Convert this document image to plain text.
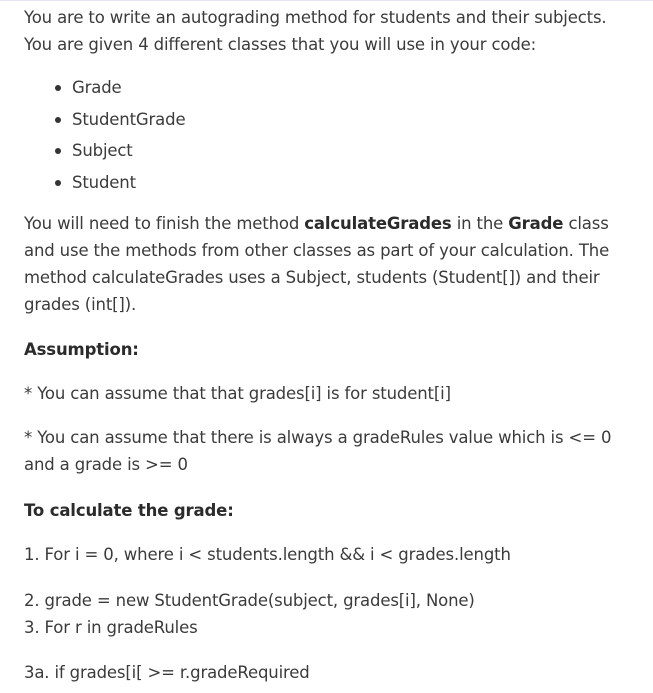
You are to write an autograding method for students and their subjects. You are given 4 different classes that you will use in your code:

Grade
StudentGrade
Subject
Student

You will need to finish the method calculateGrades in the Grade class and use the methods from other classes as part of your calculation. The method calculateGrades uses a Subject, students (Student[]) and their grades (int[]).

Assumption:

* You can assume that that grades[i] is for student[i]

* You can assume that there is always a gradeRules value which is <= 0 and a grade is >= 0

To calculate the grade:

1. For i = 0, where i < students.length && i < grades.length

2. grade = new StudentGrade(subject, grades[i], None)

3. For r in gradeRules

3a. if grades[i[ >= r.gradeRequired
